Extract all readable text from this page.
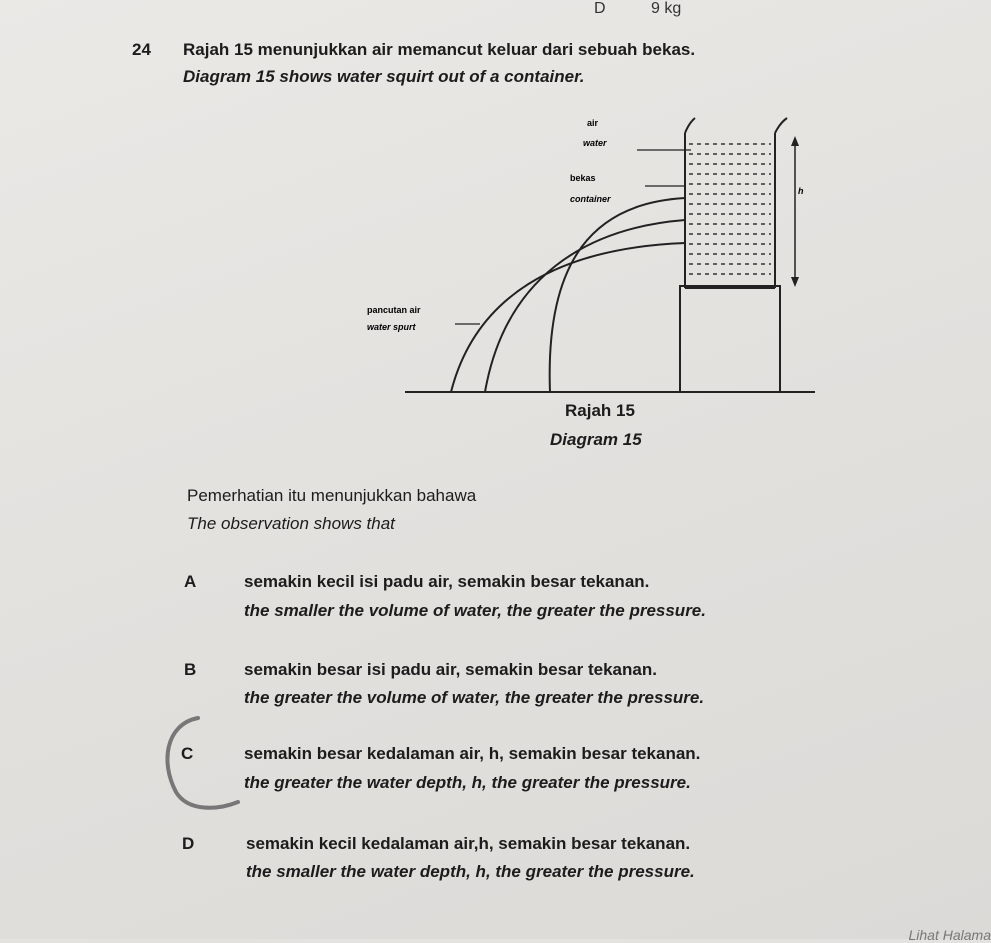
D	9 kg
24 Rajah 15 menunjukkan air memancut keluar dari sebuah bekas.
Diagram 15 shows water squirt out of a container.
air
water
bekas
container
h
pancutan air
water spurt
Rajah 15
Diagram 15
Pemerhatian itu menunjukkan bahawa
The observation shows that
A	semakin kecil isi padu air, semakin besar tekanan.
the smaller the volume of water, the greater the pressure.
B	semakin besar isi padu air, semakin besar tekanan.
the greater the volume of water, the greater the pressure.
C	semakin besar kedalaman air, h, semakin besar tekanan.
the greater the water depth, h, the greater the pressure.
D	semakin kecil kedalaman air,h, semakin besar tekanan.
the smaller the water depth, h, the greater the pressure.
Lihat Halama
